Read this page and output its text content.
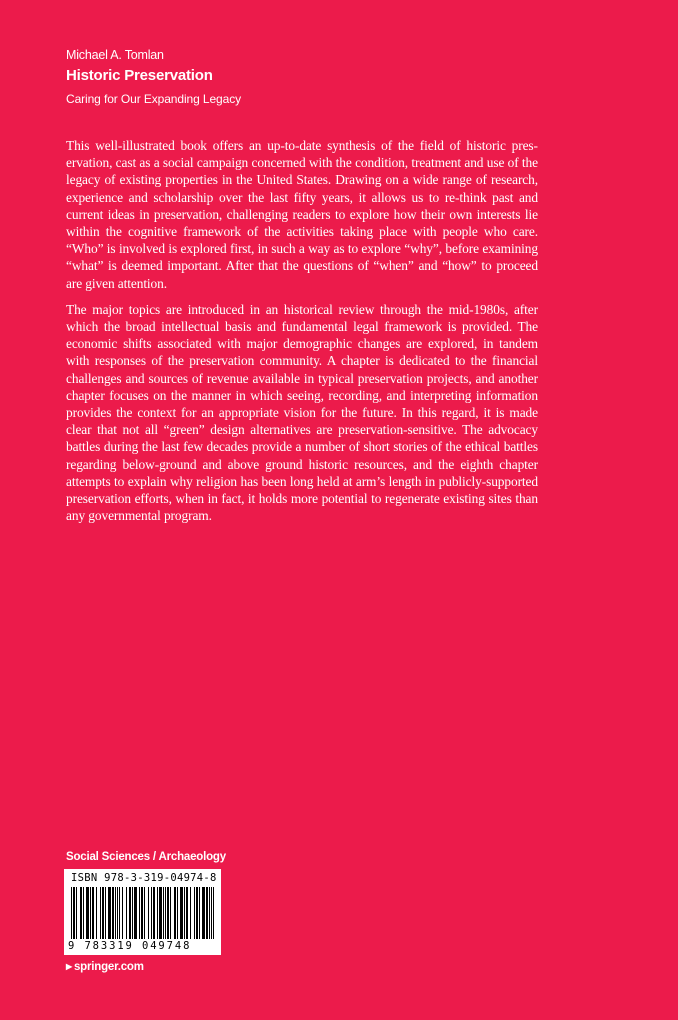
Michael A. Tomlan
Historic Preservation
Caring for Our Expanding Legacy

This well-illustrated book offers an up-to-date synthesis of the field of historic preservation, cast as a social campaign concerned with the condition, treatment and use of the legacy of existing properties in the United States. Drawing on a wide range of research, experience and scholarship over the last fifty years, it allows us to re-think past and current ideas in preservation, challenging readers to explore how their own interests lie within the cognitive framework of the activities taking place with people who care. “Who” is involved is explored first, in such a way as to explore “why”, before examining “what” is deemed important. After that the questions of “when” and “how” to proceed are given attention.

The major topics are introduced in an historical review through the mid-1980s, after which the broad intellectual basis and fundamental legal framework is provided. The economic shifts associated with major demographic changes are explored, in tandem with responses of the preservation community. A chapter is dedicated to the financial challenges and sources of revenue available in typical preservation projects, and another chapter focuses on the manner in which seeing, recording, and interpreting information provides the context for an appropriate vision for the future. In this regard, it is made clear that not all “green” design alternatives are preservation-sensitive. The advocacy battles during the last few decades provide a number of short stories of the ethical battles regarding below-ground and above ground historic resources, and the eighth chapter attempts to explain why religion has been long held at arm’s length in publicly-supported preservation efforts, when in fact, it holds more potential to regenerate existing sites than any governmental program.

Social Sciences / Archaeology
ISBN 978-3-319-04974-8
9 783319 049748
▶ springer.com
